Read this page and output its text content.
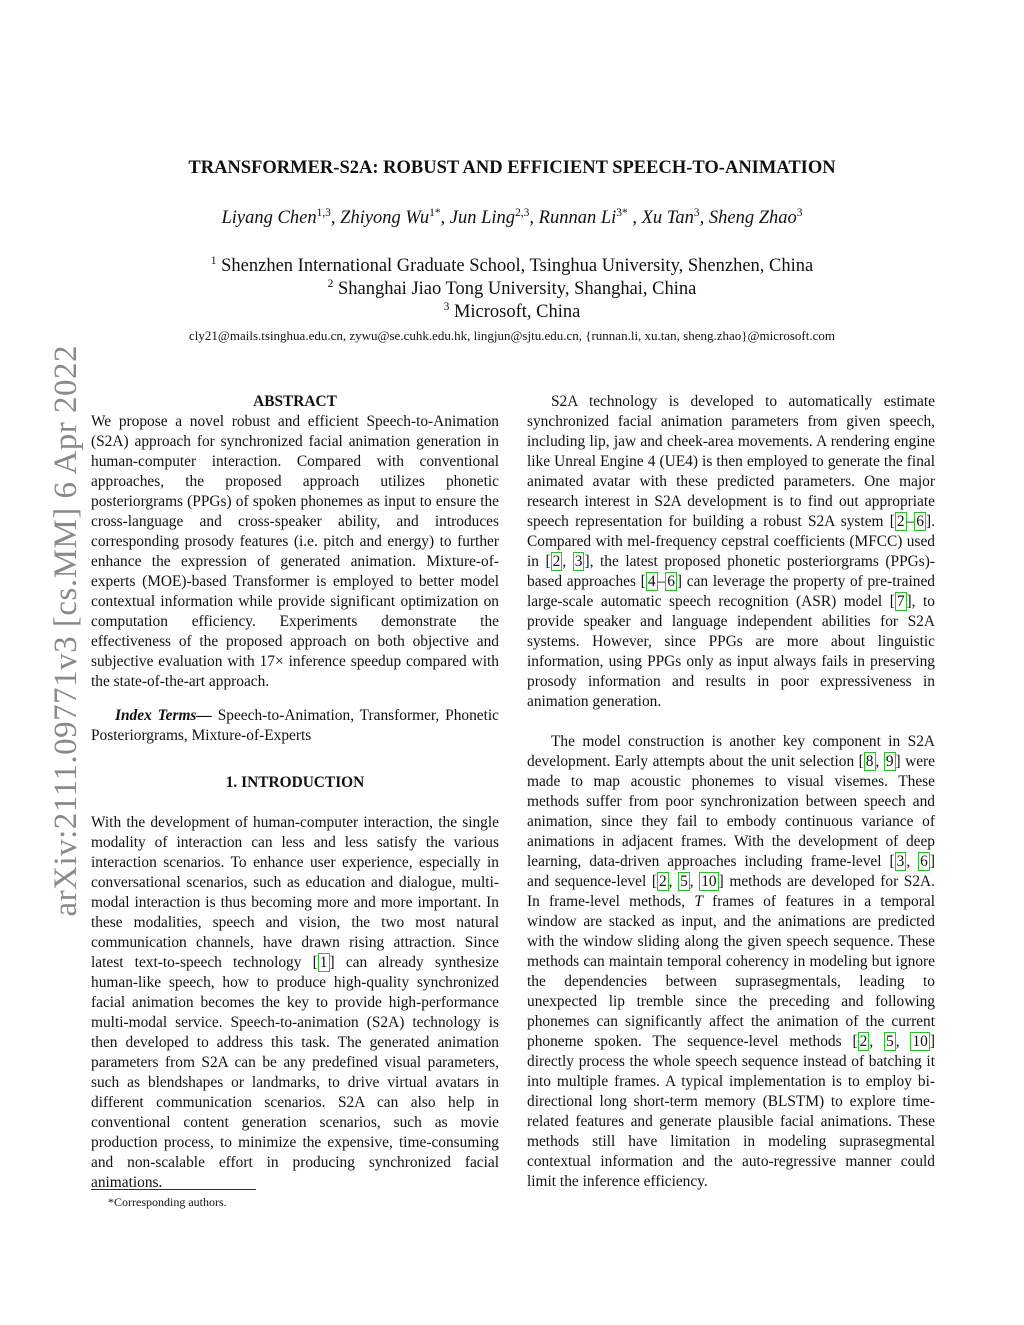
arXiv:2111.09771v3 [cs.MM] 6 Apr 2022
TRANSFORMER-S2A: ROBUST AND EFFICIENT SPEECH-TO-ANIMATION
Liyang Chen$^{1,3}$, Zhiyong $Wu^{1*}$, Jun Ling$^{2,3}$, Runnan $Li^{3*}$ , Xu Tan$^3$, Sheng Zhao$^3$
$^1$ Shenzhen International Graduate School, Tsinghua University, Shenzhen, China
$^2$ Shanghai Jiao Tong University, Shanghai, China
$^3$ Microsoft, China
cly21@mails.tsinghua.edu.cn, zywu@se.cuhk.edu.hk, lingjun@sjtu.edu.cn, {runnan.li, xu.tan, sheng.zhao}@microsoft.com

ABSTRACT

We propose a novel robust and efficient Speech-to-Animation (S2A) approach for synchronized facial animation generation in human-computer interaction. Compared with conventional approaches, the proposed approach utilizes phonetic posteriorgrams (PPGs) of spoken phonemes as input to ensure the cross-language and cross-speaker ability, and introduces corresponding prosody features (i.e. pitch and energy) to further enhance the expression of generated animation. Mixture-of-experts (MOE)-based Transformer is employed to better model contextual information while provide significant optimization on computation efficiency. Experiments demonstrate the effectiveness of the proposed approach on both objective and subjective evaluation with 17× inference speedup compared with the state-of-the-art approach.

Index Terms— Speech-to-Animation, Transformer, Phonetic Posteriorgrams, Mixture-of-Experts

1. INTRODUCTION

With the development of human-computer interaction, the single modality of interaction can less and less satisfy the various interaction scenarios. To enhance user experience, especially in conversational scenarios, such as education and dialogue, multi-modal interaction is thus becoming more and more important. In these modalities, speech and vision, the two most natural communication channels, have drawn rising attraction. Since latest text-to-speech technology [ 1 ] can already synthesize human-like speech, how to produce high-quality synchronized facial animation becomes the key to provide high-performance multi-modal service. Speech-to-animation (S2A) technology is then developed to address this task. The generated animation parameters from S2A can be any predefined visual parameters, such as blendshapes or landmarks, to drive virtual avatars in different communication scenarios. S2A can also help in conventional content generation scenarios, such as movie production process, to minimize the expensive, time-consuming and non-scalable effort in producing synchronized facial animations.

*Corresponding authors.

S2A technology is developed to automatically estimate synchronized facial animation parameters from given speech, including lip, jaw and cheek-area movements. A rendering engine like Unreal Engine 4 (UE4) is then employed to generate the final animated avatar with these predicted parameters. One major research interest in S2A development is to find out appropriate speech representation for building a robust S2A system [ 2 – 6 ]. Compared with mel-frequency cepstral coefficients (MFCC) used in [ 2 , 3 ], the latest proposed phonetic posteriorgrams (PPGs)-based approaches [ 4 – 6 ] can leverage the property of pre-trained large-scale automatic speech recognition (ASR) model [ 7 ], to provide speaker and language independent abilities for S2A systems. However, since PPGs are more about linguistic information, using PPGs only as input always fails in preserving prosody information and results in poor expressiveness in animation generation.

The model construction is another key component in S2A development. Early attempts about the unit selection [ 8 , 9 ] were made to map acoustic phonemes to visual visemes. These methods suffer from poor synchronization between speech and animation, since they fail to embody continuous variance of animations in adjacent frames. With the development of deep learning, data-driven approaches including frame-level [ 3 , 6 ] and sequence-level [ 2 , 5 , 10 ] methods are developed for S2A. In frame-level methods, T frames of features in a temporal window are stacked as input, and the animations are predicted with the window sliding along the given speech sequence. These methods can maintain temporal coherency in modeling but ignore the dependencies between suprasegmentals, leading to unexpected lip tremble since the preceding and following phonemes can significantly affect the animation of the current phoneme spoken. The sequence-level methods [ 2 , 5 , 10 ] directly process the whole speech sequence instead of batching it into multiple frames. A typical implementation is to employ bi-directional long short-term memory (BLSTM) to explore time-related features and generate plausible facial animations. These methods still have limitation in modeling suprasegmental contextual information and the auto-regressive manner could limit the inference efficiency.
